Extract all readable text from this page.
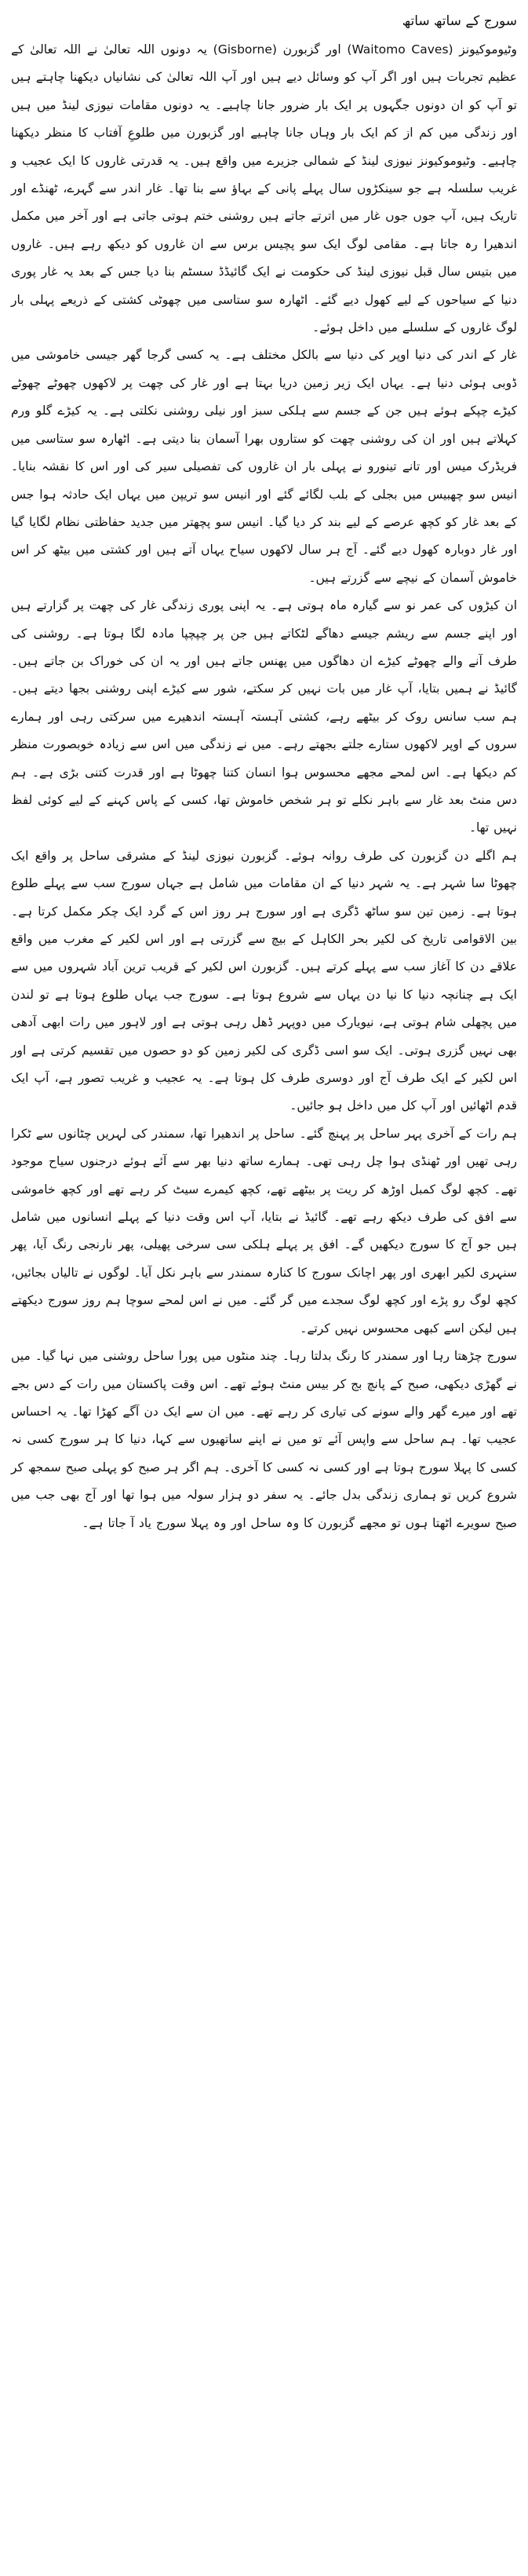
سورج کے ساتھ ساتھ

وٹیوموکیونز (Waitomo Caves) اور گزبورن (Gisborne) یہ دونوں اللہ تعالیٰ نے اللہ تعالیٰ کے عظیم تجربات ہیں اور اگر آپ کو وسائل دیے ہیں اور آپ اللہ تعالیٰ کی نشانیاں دیکھنا چاہتے ہیں تو آپ کو ان دونوں جگہوں پر ایک بار ضرور جانا چاہیے۔ یہ دونوں مقامات نیوزی لینڈ میں ہیں اور زندگی میں کم از کم ایک بار وہاں جانا چاہیے اور گزبورن میں طلوعِ آفتاب کا منظر دیکھنا چاہیے۔ وٹیوموکیونز نیوزی لینڈ کے شمالی جزیرے میں واقع ہیں۔ یہ قدرتی غاروں کا ایک عجیب و غریب سلسلہ ہے جو سینکڑوں سال پہلے پانی کے بہاؤ سے بنا تھا۔ غار اندر سے گہرے، ٹھنڈے اور تاریک ہیں، آپ جوں جوں غار میں اترتے جاتے ہیں روشنی ختم ہوتی جاتی ہے اور آخر میں مکمل اندھیرا رہ جاتا ہے۔ مقامی لوگ ایک سو پچیس برس سے ان غاروں کو دیکھ رہے ہیں۔ غاروں میں بتیس سال قبل نیوزی لینڈ کی حکومت نے ایک گائیڈڈ سسٹم بنا دیا جس کے بعد یہ غار پوری دنیا کے سیاحوں کے لیے کھول دیے گئے۔ اٹھارہ سو ستاسی میں چھوٹی کشتی کے ذریعے پہلی بار لوگ غاروں کے سلسلے میں داخل ہوئے۔

غار کے اندر کی دنیا اوپر کی دنیا سے بالکل مختلف ہے۔ یہ کسی گرجا گھر جیسی خاموشی میں ڈوبی ہوئی دنیا ہے۔ یہاں ایک زیر زمین دریا بہتا ہے اور غار کی چھت پر لاکھوں چھوٹے چھوٹے کیڑے چپکے ہوئے ہیں جن کے جسم سے ہلکی سبز اور نیلی روشنی نکلتی ہے۔ یہ کیڑے گلو ورم کہلاتے ہیں اور ان کی روشنی چھت کو ستاروں بھرا آسمان بنا دیتی ہے۔ اٹھارہ سو ستاسی میں فریڈرک میس اور تانے تینورو نے پہلی بار ان غاروں کی تفصیلی سیر کی اور اس کا نقشہ بنایا۔ انیس سو چھبیس میں بجلی کے بلب لگائے گئے اور انیس سو تریپن میں یہاں ایک حادثہ ہوا جس کے بعد غار کو کچھ عرصے کے لیے بند کر دیا گیا۔ انیس سو پچھتر میں جدید حفاظتی نظام لگایا گیا اور غار دوبارہ کھول دیے گئے۔ آج ہر سال لاکھوں سیاح یہاں آتے ہیں اور کشتی میں بیٹھ کر اس خاموش آسمان کے نیچے سے گزرتے ہیں۔

ان کیڑوں کی عمر نو سے گیارہ ماہ ہوتی ہے۔ یہ اپنی پوری زندگی غار کی چھت پر گزارتے ہیں اور اپنے جسم سے ریشم جیسے دھاگے لٹکاتے ہیں جن پر چپچپا مادہ لگا ہوتا ہے۔ روشنی کی طرف آنے والے چھوٹے کیڑے ان دھاگوں میں پھنس جاتے ہیں اور یہ ان کی خوراک بن جاتے ہیں۔ گائیڈ نے ہمیں بتایا، آپ غار میں بات نہیں کر سکتے، شور سے کیڑے اپنی روشنی بجھا دیتے ہیں۔ ہم سب سانس روک کر بیٹھے رہے، کشتی آہستہ آہستہ اندھیرے میں سرکتی رہی اور ہمارے سروں کے اوپر لاکھوں ستارے جلتے بجھتے رہے۔ میں نے زندگی میں اس سے زیادہ خوبصورت منظر کم دیکھا ہے۔ اس لمحے مجھے محسوس ہوا انسان کتنا چھوٹا ہے اور قدرت کتنی بڑی ہے۔ ہم دس منٹ بعد غار سے باہر نکلے تو ہر شخص خاموش تھا، کسی کے پاس کہنے کے لیے کوئی لفظ نہیں تھا۔

ہم اگلے دن گزبورن کی طرف روانہ ہوئے۔ گزبورن نیوزی لینڈ کے مشرقی ساحل پر واقع ایک چھوٹا سا شہر ہے۔ یہ شہر دنیا کے ان مقامات میں شامل ہے جہاں سورج سب سے پہلے طلوع ہوتا ہے۔ زمین تین سو ساٹھ ڈگری ہے اور سورج ہر روز اس کے گرد ایک چکر مکمل کرتا ہے۔ بین الاقوامی تاریخ کی لکیر بحر الکاہل کے بیچ سے گزرتی ہے اور اس لکیر کے مغرب میں واقع علاقے دن کا آغاز سب سے پہلے کرتے ہیں۔ گزبورن اس لکیر کے قریب ترین آباد شہروں میں سے ایک ہے چنانچہ دنیا کا نیا دن یہاں سے شروع ہوتا ہے۔ سورج جب یہاں طلوع ہوتا ہے تو لندن میں پچھلی شام ہوتی ہے، نیویارک میں دوپہر ڈھل رہی ہوتی ہے اور لاہور میں رات ابھی آدھی بھی نہیں گزری ہوتی۔ ایک سو اسی ڈگری کی لکیر زمین کو دو حصوں میں تقسیم کرتی ہے اور اس لکیر کے ایک طرف آج اور دوسری طرف کل ہوتا ہے۔ یہ عجیب و غریب تصور ہے، آپ ایک قدم اٹھائیں اور آپ کل میں داخل ہو جائیں۔

ہم رات کے آخری پہر ساحل پر پہنچ گئے۔ ساحل پر اندھیرا تھا، سمندر کی لہریں چٹانوں سے ٹکرا رہی تھیں اور ٹھنڈی ہوا چل رہی تھی۔ ہمارے ساتھ دنیا بھر سے آئے ہوئے درجنوں سیاح موجود تھے۔ کچھ لوگ کمبل اوڑھ کر ریت پر بیٹھے تھے، کچھ کیمرے سیٹ کر رہے تھے اور کچھ خاموشی سے افق کی طرف دیکھ رہے تھے۔ گائیڈ نے بتایا، آپ اس وقت دنیا کے پہلے انسانوں میں شامل ہیں جو آج کا سورج دیکھیں گے۔ افق پر پہلے ہلکی سی سرخی پھیلی، پھر نارنجی رنگ آیا، پھر سنہری لکیر ابھری اور پھر اچانک سورج کا کنارہ سمندر سے باہر نکل آیا۔ لوگوں نے تالیاں بجائیں، کچھ لوگ رو پڑے اور کچھ لوگ سجدے میں گر گئے۔ میں نے اس لمحے سوچا ہم روز سورج دیکھتے ہیں لیکن اسے کبھی محسوس نہیں کرتے۔

سورج چڑھتا رہا اور سمندر کا رنگ بدلتا رہا۔ چند منٹوں میں پورا ساحل روشنی میں نہا گیا۔ میں نے گھڑی دیکھی، صبح کے پانچ بج کر بیس منٹ ہوئے تھے۔ اس وقت پاکستان میں رات کے دس بجے تھے اور میرے گھر والے سونے کی تیاری کر رہے تھے۔ میں ان سے ایک دن آگے کھڑا تھا۔ یہ احساس عجیب تھا۔ ہم ساحل سے واپس آئے تو میں نے اپنے ساتھیوں سے کہا، دنیا کا ہر سورج کسی نہ کسی کا پہلا سورج ہوتا ہے اور کسی نہ کسی کا آخری۔ ہم اگر ہر صبح کو پہلی صبح سمجھ کر شروع کریں تو ہماری زندگی بدل جائے۔ یہ سفر دو ہزار سولہ میں ہوا تھا اور آج بھی جب میں صبح سویرے اٹھتا ہوں تو مجھے گزبورن کا وہ ساحل اور وہ پہلا سورج یاد آ جاتا ہے۔
